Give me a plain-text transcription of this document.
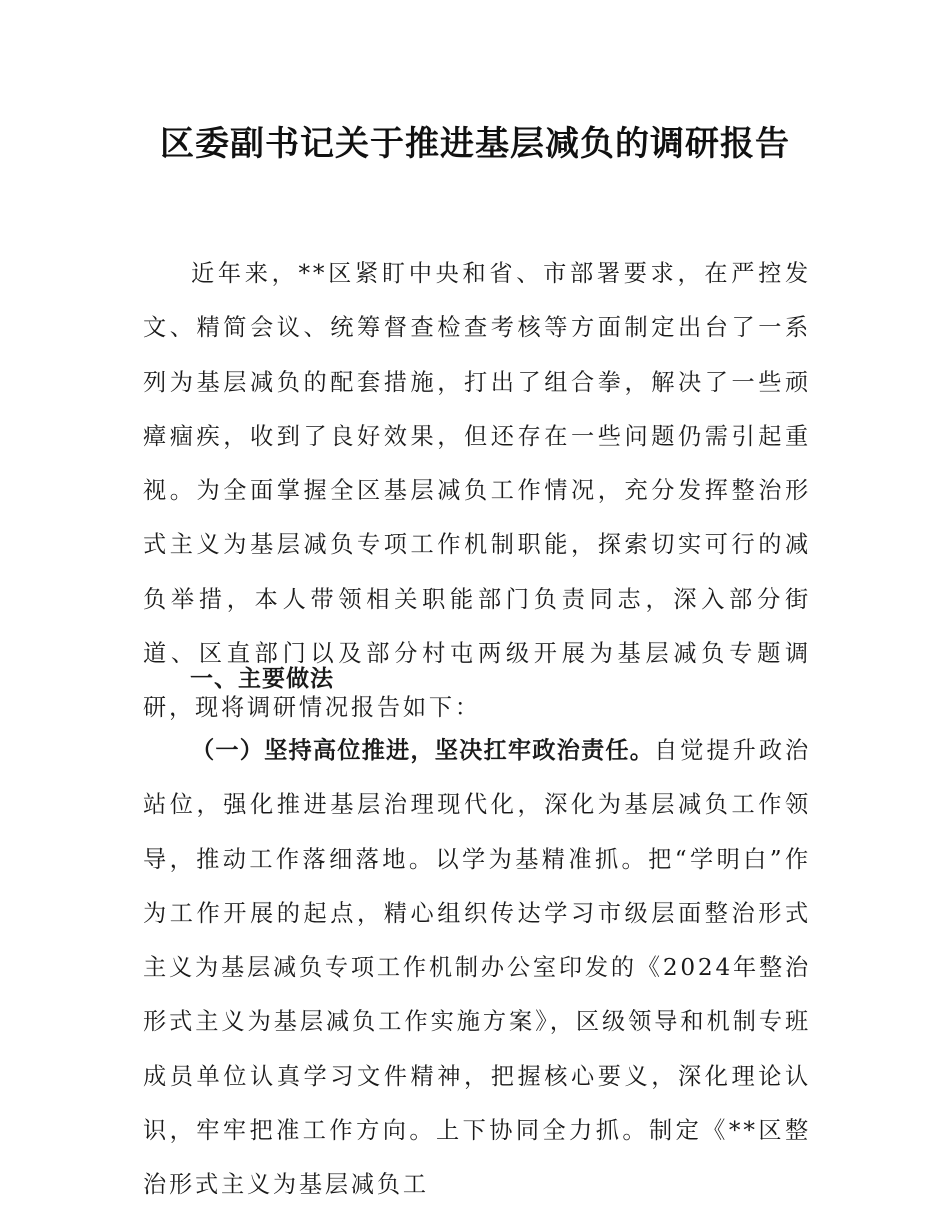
区委副书记关于推进基层减负的调研报告
近年来，**区紧盯中央和省、市部署要求，在严控发文、精简会议、统筹督查检查考核等方面制定出台了一系列为基层减负的配套措施，打出了组合拳，解决了一些顽瘴痼疾，收到了良好效果，但还存在一些问题仍需引起重视。为全面掌握全区基层减负工作情况，充分发挥整治形式主义为基层减负专项工作机制职能，探索切实可行的减负举措，本人带领相关职能部门负责同志，深入部分街道、区直部门以及部分村屯两级开展为基层减负专题调研，现将调研情况报告如下：
一、主要做法
（一）坚持高位推进，坚决扛牢政治责任。自觉提升政治站位，强化推进基层治理现代化，深化为基层减负工作领导，推动工作落细落地。以学为基精准抓。把“学明白”作为工作开展的起点，精心组织传达学习市级层面整治形式主义为基层减负专项工作机制办公室印发的《2024年整治形式主义为基层减负工作实施方案》，区级领导和机制专班成员单位认真学习文件精神，把握核心要义，深化理论认识，牢牢把准工作方向。上下协同全力抓。制定《**区整治形式主义为基层减负工
